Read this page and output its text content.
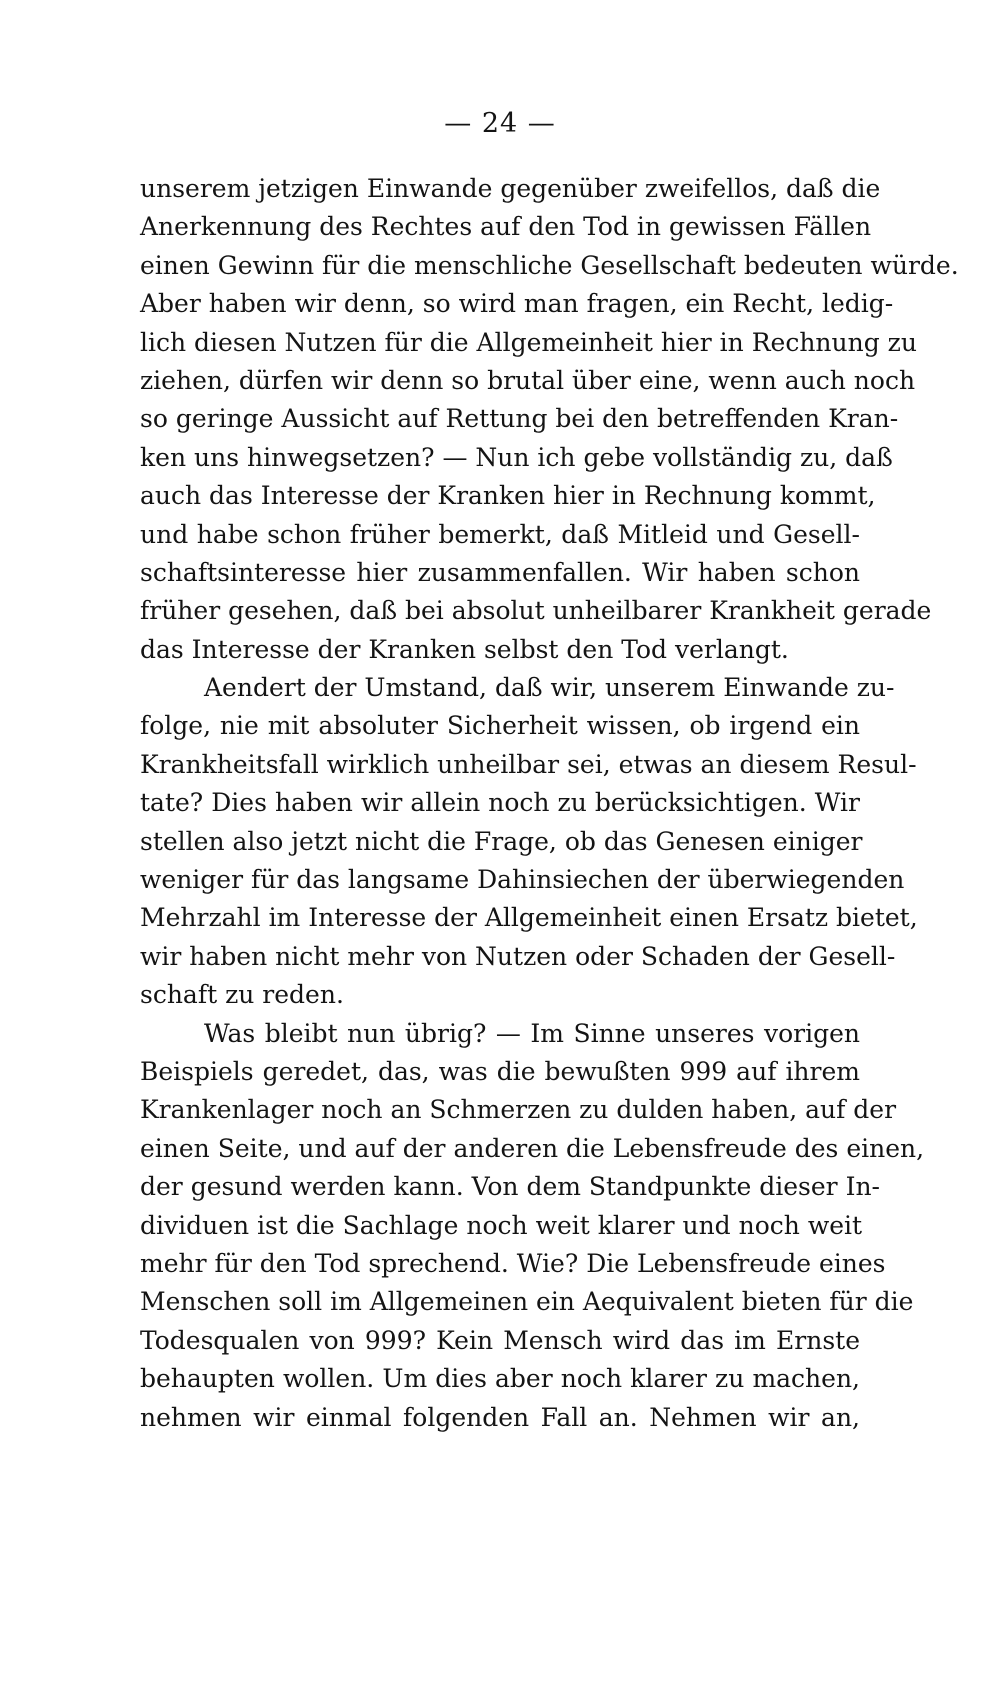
— 24 —
unserem jetzigen Einwande gegenüber zweifellos, daß die
Anerkennung des Rechtes auf den Tod in gewissen Fällen
einen Gewinn für die menschliche Gesellschaft bedeuten würde.
Aber haben wir denn, so wird man fragen, ein Recht, ledig-
lich diesen Nutzen für die Allgemeinheit hier in Rechnung zu
ziehen, dürfen wir denn so brutal über eine, wenn auch noch
so geringe Aussicht auf Rettung bei den betreffenden Kran-
ken uns hinwegsetzen? — Nun ich gebe vollständig zu, daß
auch das Interesse der Kranken hier in Rechnung kommt,
und habe schon früher bemerkt, daß Mitleid und Gesell-
schaftsinteresse hier zusammenfallen. Wir haben schon
früher gesehen, daß bei absolut unheilbarer Krankheit gerade
das Interesse der Kranken selbst den Tod verlangt.
Aendert der Umstand, daß wir, unserem Einwande zu-
folge, nie mit absoluter Sicherheit wissen, ob irgend ein
Krankheitsfall wirklich unheilbar sei, etwas an diesem Resul-
tate? Dies haben wir allein noch zu berücksichtigen. Wir
stellen also jetzt nicht die Frage, ob das Genesen einiger
weniger für das langsame Dahinsiechen der überwiegenden
Mehrzahl im Interesse der Allgemeinheit einen Ersatz bietet,
wir haben nicht mehr von Nutzen oder Schaden der Gesell-
schaft zu reden.
Was bleibt nun übrig? — Im Sinne unseres vorigen
Beispiels geredet, das, was die bewußten 999 auf ihrem
Krankenlager noch an Schmerzen zu dulden haben, auf der
einen Seite, und auf der anderen die Lebensfreude des einen,
der gesund werden kann. Von dem Standpunkte dieser In-
dividuen ist die Sachlage noch weit klarer und noch weit
mehr für den Tod sprechend. Wie? Die Lebensfreude eines
Menschen soll im Allgemeinen ein Aequivalent bieten für die
Todesqualen von 999? Kein Mensch wird das im Ernste
behaupten wollen. Um dies aber noch klarer zu machen,
nehmen wir einmal folgenden Fall an. Nehmen wir an,
